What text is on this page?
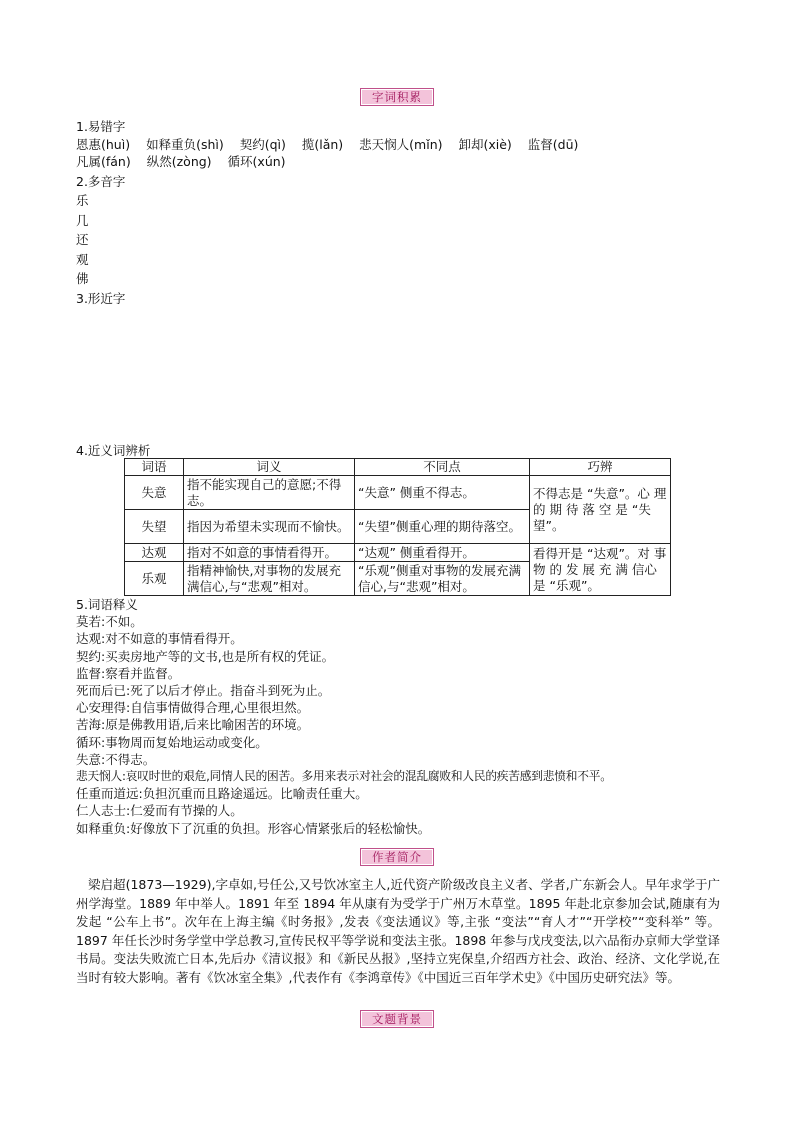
字词积累
1.易错字
恩惠(huì) 如释重负(shì) 契约(qì) 揽(lǎn) 悲天悯人(mǐn) 卸却(xiè) 监督(dū)
凡属(fán) 纵然(zòng) 循环(xún)
2.多音字
乐
几
还
观
佛
3.形近字
4.近义词辨析
词语	词义	不同点	巧辨
失意	指不能实现自己的意愿;不得志。	“失意” 侧重不得志。	不得志是 “失意”。心 理 的 期 待 落 空 是 “失望”。
失望	指因为希望未实现而不愉快。	“失望”侧重心理的期待落空。	
达观	指对不如意的事情看得开。	“达观” 侧重看得开。	看得开是 “达观”。对 事 物 的 发 展 充 满 信心是 “乐观”。
乐观	指精神愉快,对事物的发展充满信心,与“悲观”相对。	“乐观”侧重对事物的发展充满信心,与“悲观”相对。	
5.词语释义
莫若:不如。
达观:对不如意的事情看得开。
契约:买卖房地产等的文书,也是所有权的凭证。
监督:察看并监督。
死而后已:死了以后才停止。指奋斗到死为止。
心安理得:自信事情做得合理,心里很坦然。
苦海:原是佛教用语,后来比喻困苦的环境。
循环:事物周而复始地运动或变化。
失意:不得志。
悲天悯人:哀叹时世的艰危,同情人民的困苦。多用来表示对社会的混乱腐败和人民的疾苦感到悲愤和不平。
任重而道远:负担沉重而且路途遥远。比喻责任重大。
仁人志士:仁爱而有节操的人。
如释重负:好像放下了沉重的负担。形容心情紧张后的轻松愉快。
作者简介
梁启超(1873—1929),字卓如,号任公,又号饮冰室主人,近代资产阶级改良主义者、学者,广东新会人。早年求学于广州学海堂。1889 年中举人。1891 年至 1894 年从康有为受学于广州万木草堂。1895 年赴北京参加会试,随康有为发起 “公车上书”。次年在上海主编《时务报》,发表《变法通议》等,主张 “变法”“育人才”“开学校”“变科举” 等。1897 年任长沙时务学堂中学总教习,宣传民权平等学说和变法主张。1898 年参与戊戌变法,以六品衔办京师大学堂译书局。变法失败流亡日本,先后办《清议报》和《新民丛报》,坚持立宪保皇,介绍西方社会、政治、经济、文化学说,在当时有较大影响。著有《饮冰室全集》,代表作有《李鸿章传》《中国近三百年学术史》《中国历史研究法》等。
文题背景
